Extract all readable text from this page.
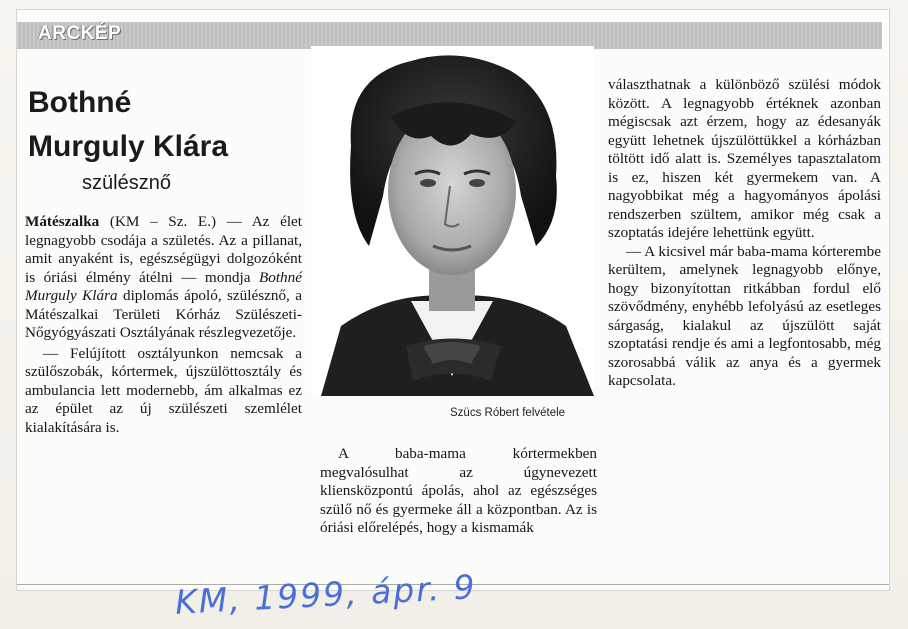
ARCKÉP
Bothné
Murguly Klára
szülésznő

Mátészalka (KM – Sz. E.) — Az élet legnagyobb csodája a születés. Az a pillanat, amit anyaként is, egészségügyi dolgozóként is óriási élmény átélni — mondja Bothné Murguly Klára diplomás ápoló, szülésznő, a Mátészalkai Területi Kórház Szülészeti-Nőgyógyászati Osztályának részlegvezetője.

— Felújított osztályunkon nemcsak a szülőszobák, kórtermek, újszülöttosztály és ambulancia lett modernebb, ám alkalmas ez az épület az új szülészeti szemlélet kialakítására is.

Szücs Róbert felvétele

A baba-mama kórtermekben megvalósulhat az úgynevezett kliensközpontú ápolás, ahol az egészséges szülő nő és gyermeke áll a központban. Az is óriási előrelépés, hogy a kismamák

választhatnak a különböző szülési módok között. A legnagyobb értéknek azonban mégiscsak azt érzem, hogy az édesanyák együtt lehetnek újszülöttükkel a kórházban töltött idő alatt is. Személyes tapasztalatom is ez, hiszen két gyermekem van. A nagyobbikat még a hagyományos ápolási rendszerben szültem, amikor még csak a szoptatás idejére lehettünk együtt.

— A kicsivel már baba-mama kórterembe kerültem, amelynek legnagyobb előnye, hogy bizonyítottan ritkábban fordul elő szövődmény, enyhébb lefolyású az esetleges sárgaság, kialakul az újszülött saját szoptatási rendje és ami a legfontosabb, még szorosabbá válik az anya és a gyermek kapcsolata.

KM, 1999, ápr. 9
